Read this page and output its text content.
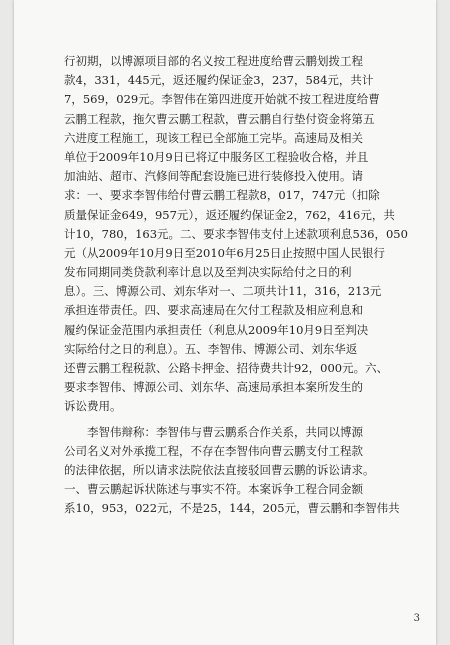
行初期，以博源项目部的名义按工程进度给曹云鹏划拨工程
款4，331，445元，返还履约保证金3，237，584元，共计
7，569，029元。李智伟在第四进度开始就不按工程进度给曹
云鹏工程款，拖欠曹云鹏工程款，曹云鹏自行垫付资金将第五
六进度工程施工，现该工程已全部施工完毕。高速局及相关
单位于2009年10月9日已将辽中服务区工程验收合格，并且
加油站、超市、汽修间等配套设施已进行装修投入使用。请
求：一、要求李智伟给付曹云鹏工程款8，017，747元（扣除
质量保证金649，957元），返还履约保证金2，762，416元，共
计10，780，163元。二、要求李智伟支付上述款项利息536，050
元（从2009年10月9日至2010年6月25日止按照中国人民银行
发布同期同类贷款利率计息以及至判决实际给付之日的利
息）。三、博源公司、刘东华对一、二项共计11，316，213元
承担连带责任。四、要求高速局在欠付工程款及相应利息和
履约保证金范围内承担责任（利息从2009年10月9日至判决
实际给付之日的利息）。五、李智伟、博源公司、刘东华返
还曹云鹏工程税款、公路卡押金、招待费共计92，000元。六、
要求李智伟、博源公司、刘东华、高速局承担本案所发生的
诉讼费用。
李智伟辩称：李智伟与曹云鹏系合作关系，共同以博源
公司名义对外承揽工程，不存在李智伟向曹云鹏支付工程款
的法律依据，所以请求法院依法直接驳回曹云鹏的诉讼请求。
一、曹云鹏起诉状陈述与事实不符。本案诉争工程合同金额
系10，953，022元，不是25，144，205元，曹云鹏和李智伟共
3
